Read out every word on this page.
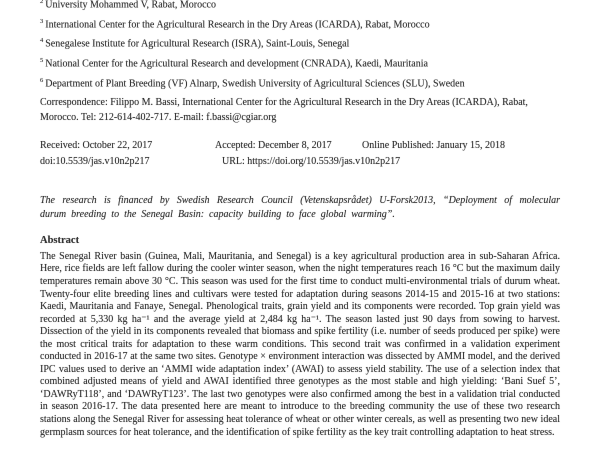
$^2$ University Mohammed V, Rabat, Morocco
$^3$ International Center for the Agricultural Research in the Dry Areas (ICARDA), Rabat, Morocco
$^4$ Senegalese Institute for Agricultural Research (ISRA), Saint-Louis, Senegal
$^5$ National Center for the Agricultural Research and development (CNRADA), Kaedi, Mauritania
$^6$ Department of Plant Breeding (VF) Alnarp, Swedish University of Agricultural Sciences (SLU), Sweden
Correspondence: Filippo M. Bassi, International Center for the Agricultural Research in the Dry Areas (ICARDA), Rabat, Morocco. Tel: 212-614-402-717. E-mail: f.bassi@cgiar.org
Received: October 22, 2017	Accepted: December 8, 2017	Online Published: January 15, 2018
doi:10.5539/jas.v10n2p217	URL: https://doi.org/10.5539/jas.v10n2p217
The research is financed by Swedish Research Council (Vetenskapsrådet) U-Forsk2013, “Deployment of molecular durum breeding to the Senegal Basin: capacity building to face global warming”.
Abstract
The Senegal River basin (Guinea, Mali, Mauritania, and Senegal) is a key agricultural production area in sub-Saharan Africa. Here, rice fields are left fallow during the cooler winter season, when the night temperatures reach 16 °C but the maximum daily temperatures remain above 30 °C. This season was used for the first time to conduct multi-environmental trials of durum wheat. Twenty-four elite breeding lines and cultivars were tested for adaptation during seasons 2014-15 and 2015-16 at two stations: Kaedi, Mauritania and Fanaye, Senegal. Phenological traits, grain yield and its components were recorded. Top grain yield was recorded at 5,330 kg ha⁻¹ and the average yield at 2,484 kg ha⁻¹. The season lasted just 90 days from sowing to harvest. Dissection of the yield in its components revealed that biomass and spike fertility (i.e. number of seeds produced per spike) were the most critical traits for adaptation to these warm conditions. This second trait was confirmed in a validation experiment conducted in 2016-17 at the same two sites. Genotype × environment interaction was dissected by AMMI model, and the derived IPC values used to derive an ‘AMMI wide adaptation index’ (AWAI) to assess yield stability. The use of a selection index that combined adjusted means of yield and AWAI identified three genotypes as the most stable and high yielding: ‘Bani Suef 5’, ‘DAWRyT118’, and ‘DAWRyT123’. The last two genotypes were also confirmed among the best in a validation trial conducted in season 2016-17. The data presented here are meant to introduce to the breeding community the use of these two research stations along the Senegal River for assessing heat tolerance of wheat or other winter cereals, as well as presenting two new ideal germplasm sources for heat tolerance, and the identification of spike fertility as the key trait controlling adaptation to heat stress.
